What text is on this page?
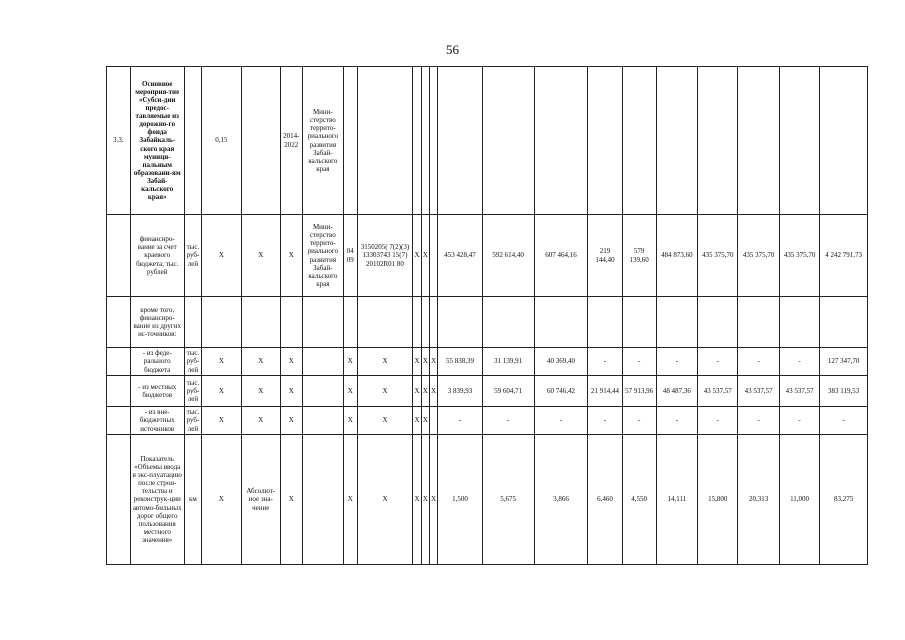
56
3.3.	Основное мероприя-тие «Субси-дии предос-тавляемые из дорожно-го фонда Забайкаль-ского края муници-пальным образовани-ям Забай-кальского края»		0,15		2014-2022	Мини-стерство террито-риального развития Забай-кальского края															
	финансиро-вание за счет краевого бюджета, тыс. рублей	тыс. руб-лей	X	X	X	Мини-стерство террито-риального развития Забай-кальского края	04 09	3150205( 7(2)(3) 13303743 15(7) 20102R01 80	X	X		453 428,47	592 614,40	607 464,16	219 144,40	579 139,60	484 873,60	435 375,70	435 375,70	435 375,70	4 242 791,73
	кроме того, финансиро-вание из других ис-точников:																				
	- из феде-рального бюджета	тыс. руб-лей	X	X	X		X	X	X	X	X	55 838,39	31 139,91	40 369,40	-	-	-	-	-	-	127 347,70
	- из местных бюджетов	тыс. руб-лей	X	X	X		X	X	X	X	X	3 839,93	59 604,71	60 746,42	21 914,44	57 913,96	48 487,36	43 537,57	43 537,57	43 537,57	383 119,53
	- из вне-бюджетных источников	тыс. руб-лей	X	X	X		X	X	X	X		-	-	-	-	-	-	-	-	-	-
	Показатель «Объемы ввода в экс-плуатацию после строи-тельства и реконструк-ции автомо-бильных дорог общего пользования местного значения»	км	X	Абсолют-ное зна-чение	X		X	X	X	X	X	1,500	5,675	3,866	6,460	4,550	14,111	15,800	20,313	11,000	83,275
